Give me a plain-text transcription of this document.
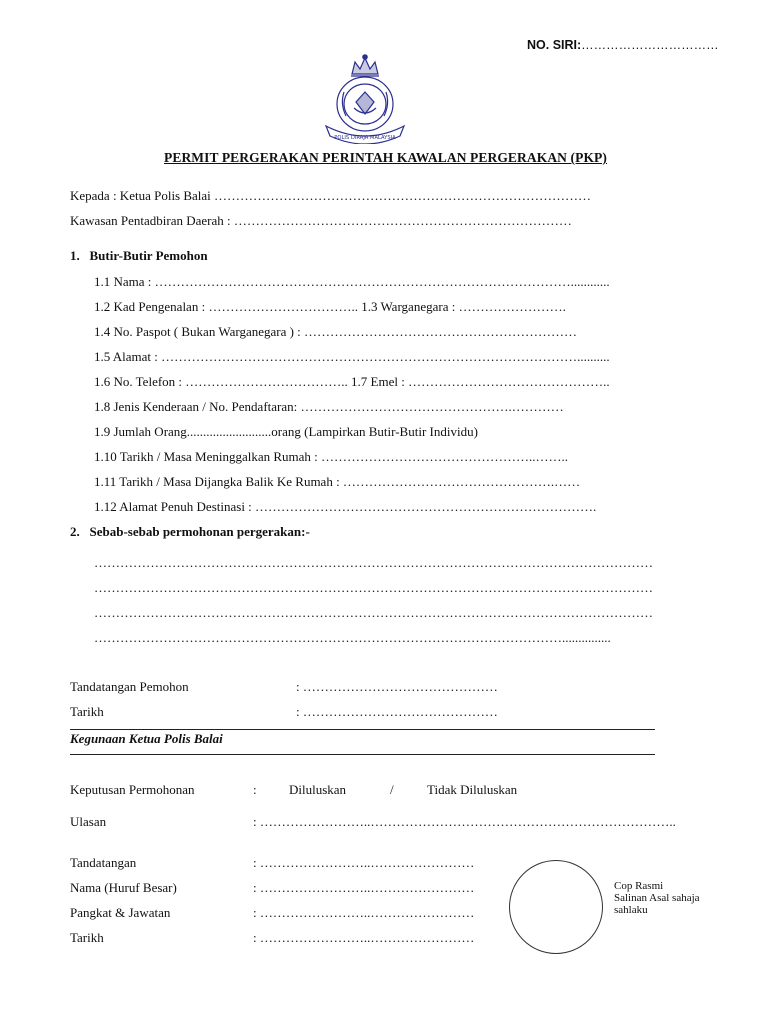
NO. SIRI:……………………………
POLIS DIRAJA MALAYSIA
PERMIT PERGERAKAN PERINTAH KAWALAN PERGERAKAN (PKP)
Kepada : Ketua Polis Balai ……………………………………………………………………………
Kawasan Pentadbiran Daerah : ……………………………………………………………………
1.   Butir-Butir Pemohon
1.1 Nama : ……………………………………………………………………………………............
1.2 Kad Pengenalan : …………………………….. 1.3 Warganegara : …………………….
1.4 No. Paspot ( Bukan Warganegara ) : ………………………………………………………
1.5 Alamat : ……………………………………………………………………………………..........
1.6 No. Telefon : ……………………………….. 1.7 Emel : ………………………………………..
1.8 Jenis Kenderaan / No. Pendaftaran: ………………………………………….…………
1.9 Jumlah Orang..........................orang (Lampirkan Butir-Butir Individu)
1.10 Tarikh / Masa Meninggalkan Rumah : …………………………………………..……..
1.11 Tarikh / Masa Dijangka Balik Ke Rumah : ………………………………………….……
1.12 Alamat Penuh Destinasi : …………………………………………………………………….
2.   Sebab-sebab permohonan pergerakan:-
…………………………………………………………………………………………………………………
…………………………………………………………………………………………………………………
…………………………………………………………………………………………………………………
………………………………………………………………………………………………...............
Tandatangan Pemohon	: ………………………………………
Tarikh	: ………………………………………
Kegunaan Ketua Polis Balai
Keputusan Permohonan	: Diluluskan	/	Tidak Diluluskan
Ulasan	: ……………………..……………………………………………………………..
Tandatangan	: ……………………..……………………
Nama (Huruf Besar)	: ……………………..……………………
Pangkat & Jawatan	: ……………………..……………………
Tarikh	: ……………………..……………………
Cop Rasmi
Salinan Asal sahaja
sahlaku
